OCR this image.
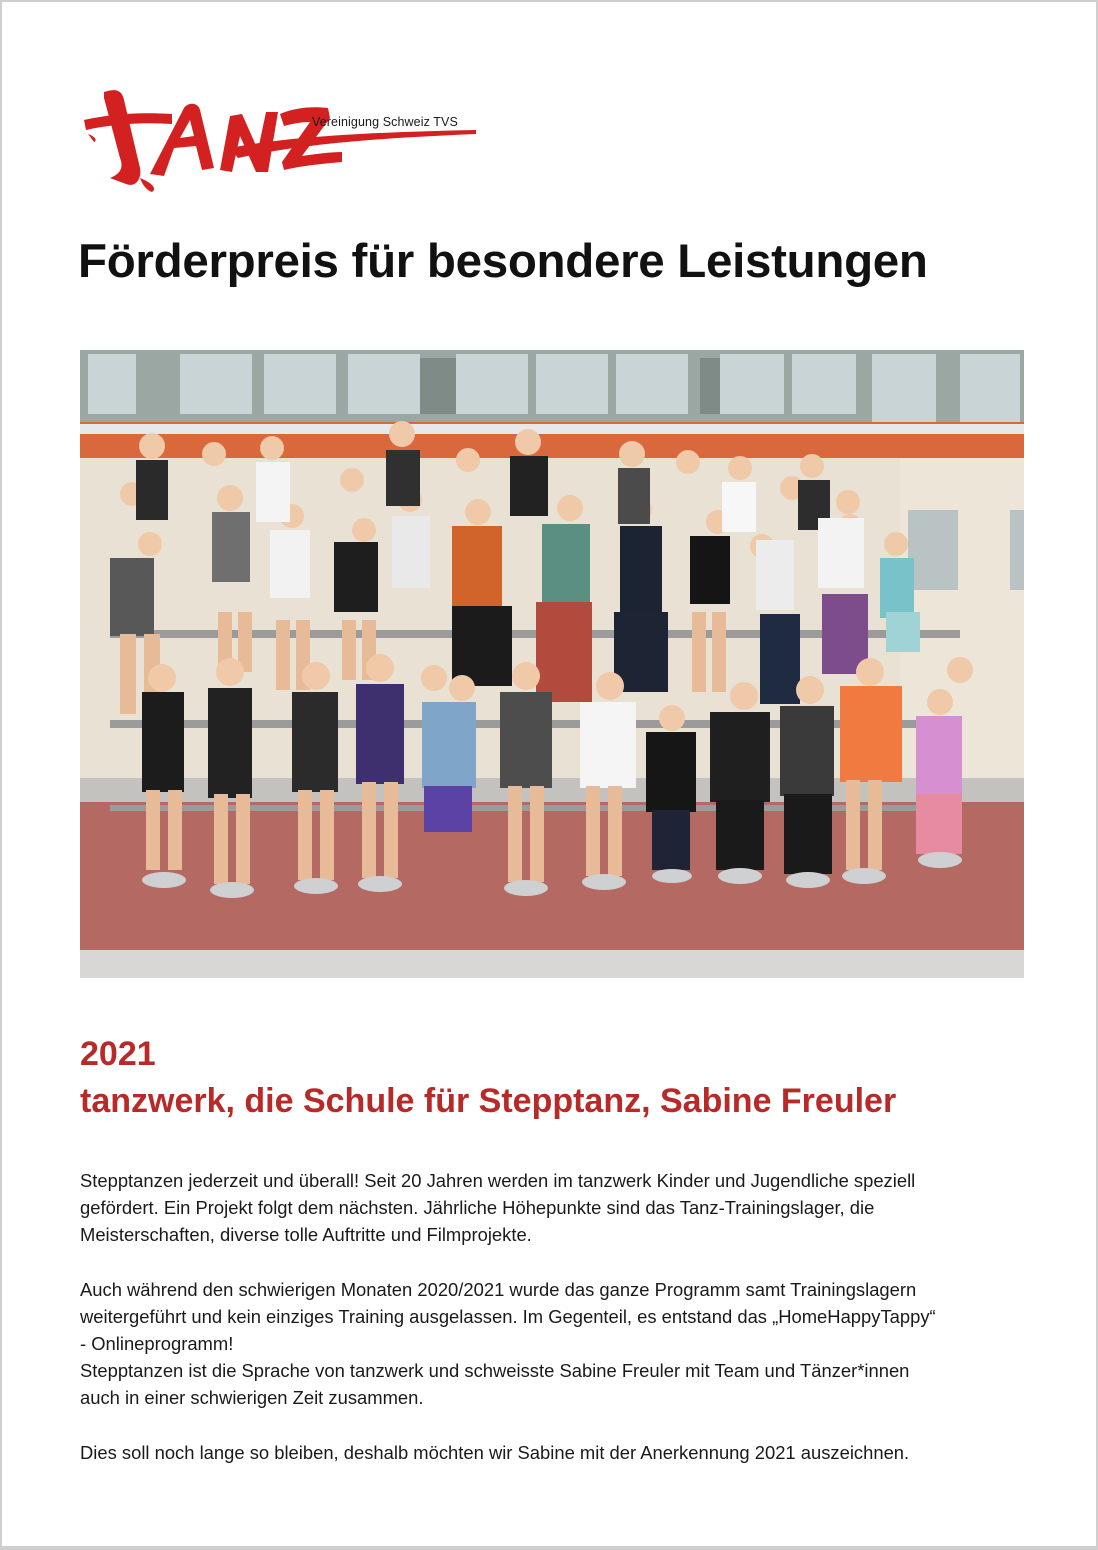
Vereinigung Schweiz TVS
Förderpreis für besondere Leistungen
2021
tanzwerk, die Schule für Stepptanz, Sabine Freuler

Stepptanzen jederzeit und überall! Seit 20 Jahren werden im tanzwerk Kinder und Jugendliche speziell
gefördert. Ein Projekt folgt dem nächsten. Jährliche Höhepunkte sind das Tanz-Trainingslager, die
Meisterschaften, diverse tolle Auftritte und Filmprojekte.

Auch während den schwierigen Monaten 2020/2021 wurde das ganze Programm samt Trainingslagern
weitergeführt und kein einziges Training ausgelassen. Im Gegenteil, es entstand das „HomeHappyTappy“
- Onlineprogramm!
Stepptanzen ist die Sprache von tanzwerk und schweisste Sabine Freuler mit Team und Tänzer*innen
auch in einer schwierigen Zeit zusammen.

Dies soll noch lange so bleiben, deshalb möchten wir Sabine mit der Anerkennung 2021 auszeichnen.
